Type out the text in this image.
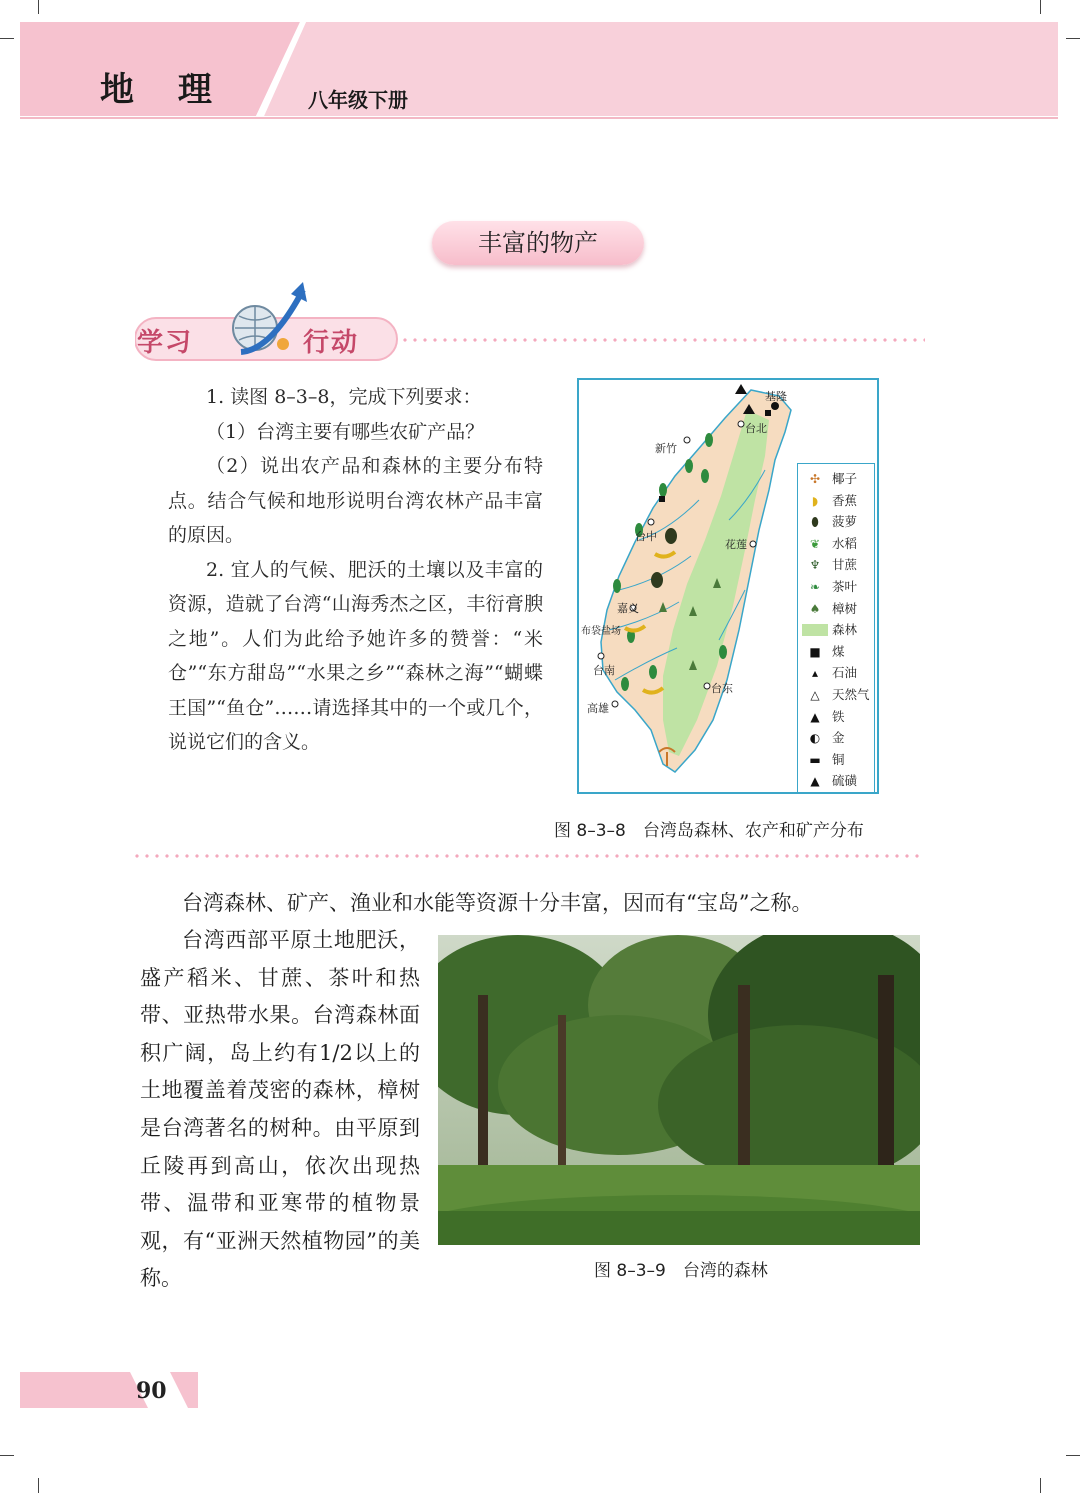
地 理	八年级下册
丰富的物产
学习	行动

1. 读图 8–3–8，完成下列要求：

（1）台湾主要有哪些农矿产品？

（2）说出农产品和森林的主要分布特点。结合气候和地形说明台湾农林产品丰富的原因。

2. 宜人的气候、肥沃的土壤以及丰富的资源，造就了台湾“山海秀杰之区，丰衍膏腴之地”。人们为此给予她许多的赞誉：“米仓”“东方甜岛”“水果之乡”“森林之海”“蝴蝶王国”“鱼仓”……请选择其中的一个或几个，说说它们的含义。

基隆
台北
新竹
台中
花莲
嘉义
布袋盐场
台南
台东
高雄
✣ 椰子
◗	香蕉
⬮	菠萝
❦ 水稻
♆ 甘蔗
❧ 茶叶
♠ 樟树
森林
■ 煤
▴	石油
△ 天然气
▲ 铁
◐ 金
▬ 铜
▲ 硫磺
图 8–3–8　台湾岛森林、农产和矿产分布
台湾森林、矿产、渔业和水能等资源十分丰富，因而有“宝岛”之称。

台湾西部平原土地肥沃，盛产稻米、甘蔗、茶叶和热带、亚热带水果。台湾森林面积广阔，岛上约有1/2以上的土地覆盖着茂密的森林，樟树是台湾著名的树种。由平原到丘陵再到高山，依次出现热带、温带和亚寒带的植物景观，有“亚洲天然植物园”的美称。	图 8–3–9　台湾的森林
90
